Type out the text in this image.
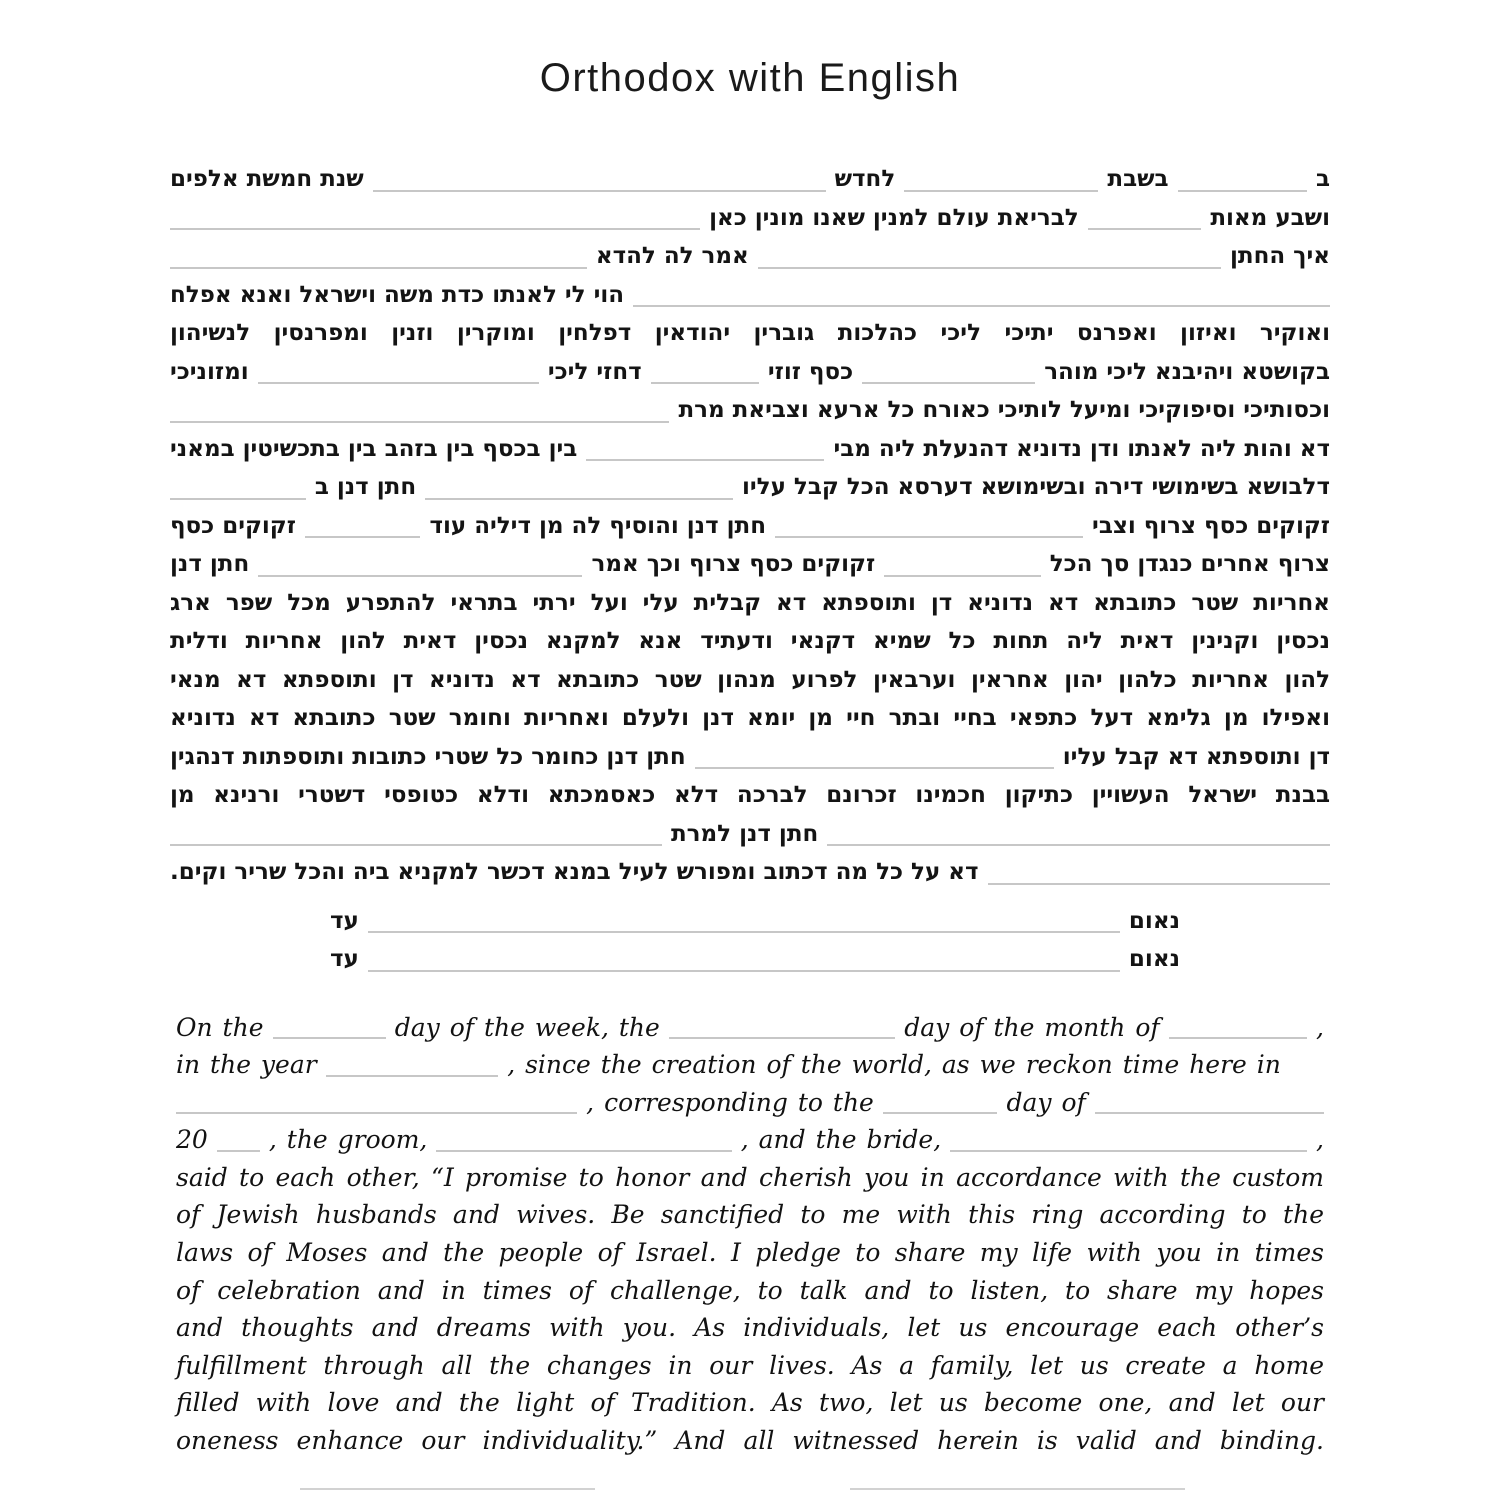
Orthodox with English
ב
בשבת
לחדש
שנת חמשת אלפים
ושבע מאות
לבריאת עולם למנין שאנו מונין כאן
איך החתן
אמר לה להדא
הוי לי לאנתו כדת משה וישראל ואנא אפלח
ואוקיר ואיזון ואפרנס יתיכי ליכי כהלכות גוברין יהודאין דפלחין ומוקרין וזנין ומפרנסין לנשיהון
בקושטא ויהיבנא ליכי מוהר
כסף זוזי
דחזי ליכי
ומזוניכי
וכסותיכי וסיפוקיכי ומיעל לותיכי כאורח כל ארעא וצביאת מרת
דא והות ליה לאנתו ודן נדוניא דהנעלת ליה מבי
בין בכסף בין בזהב בין בתכשיטין במאני
דלבושא בשימושי דירה ובשימושא דערסא הכל קבל עליו
חתן דנן ב
זקוקים כסף צרוף וצבי
חתן דנן והוסיף לה מן דיליה עוד
זקוקים כסף
צרוף אחרים כנגדן סך הכל
זקוקים כסף צרוף וכך אמר
חתן דנן
אחריות שטר כתובתא דא נדוניא דן ותוספתא דא קבלית עלי ועל ירתי בתראי להתפרע מכל שפר ארג
נכסין וקנינין דאית ליה תחות כל שמיא דקנאי ודעתיד אנא למקנא נכסין דאית להון אחריות ודלית
להון אחריות כלהון יהון אחראין וערבאין לפרוע מנהון שטר כתובתא דא נדוניא דן ותוספתא דא מנאי
ואפילו מן גלימא דעל כתפאי בחיי ובתר חיי מן יומא דנן ולעלם ואחריות וחומר שטר כתובתא דא נדוניא
דן ותוספתא דא קבל עליו
חתן דנן כחומר כל שטרי כתובות ותוספתות דנהגין
בבנת ישראל העשויין כתיקון חכמינו זכרונם לברכה דלא כאסמכתא ודלא כטופסי דשטרי ורנינא מן
חתן דנן למרת
דא על כל מה דכתוב ומפורש לעיל במנא דכשר למקניא ביה והכל שריר וקים.
נאום
עד
נאום
עד
On the	day of the week, the	day of the month of	,
in the year	, since the creation of the world, as we reckon time here in
, corresponding to the	day of
20 , the groom,	, and the bride,	,
said to each other, “I promise to honor and cherish you in accordance with the custom
of Jewish husbands and wives. Be sanctified to me with this ring according to the
laws of Moses and the people of Israel. I pledge to share my life with you in times
of celebration and in times of challenge, to talk and to listen, to share my hopes
and thoughts and dreams with you. As individuals, let us encourage each other’s
fulfillment through all the changes in our lives. As a family, let us create a home
filled with love and the light of Tradition. As two, let us become one, and let our
oneness enhance our individuality.” And all witnessed herein is valid and binding.
